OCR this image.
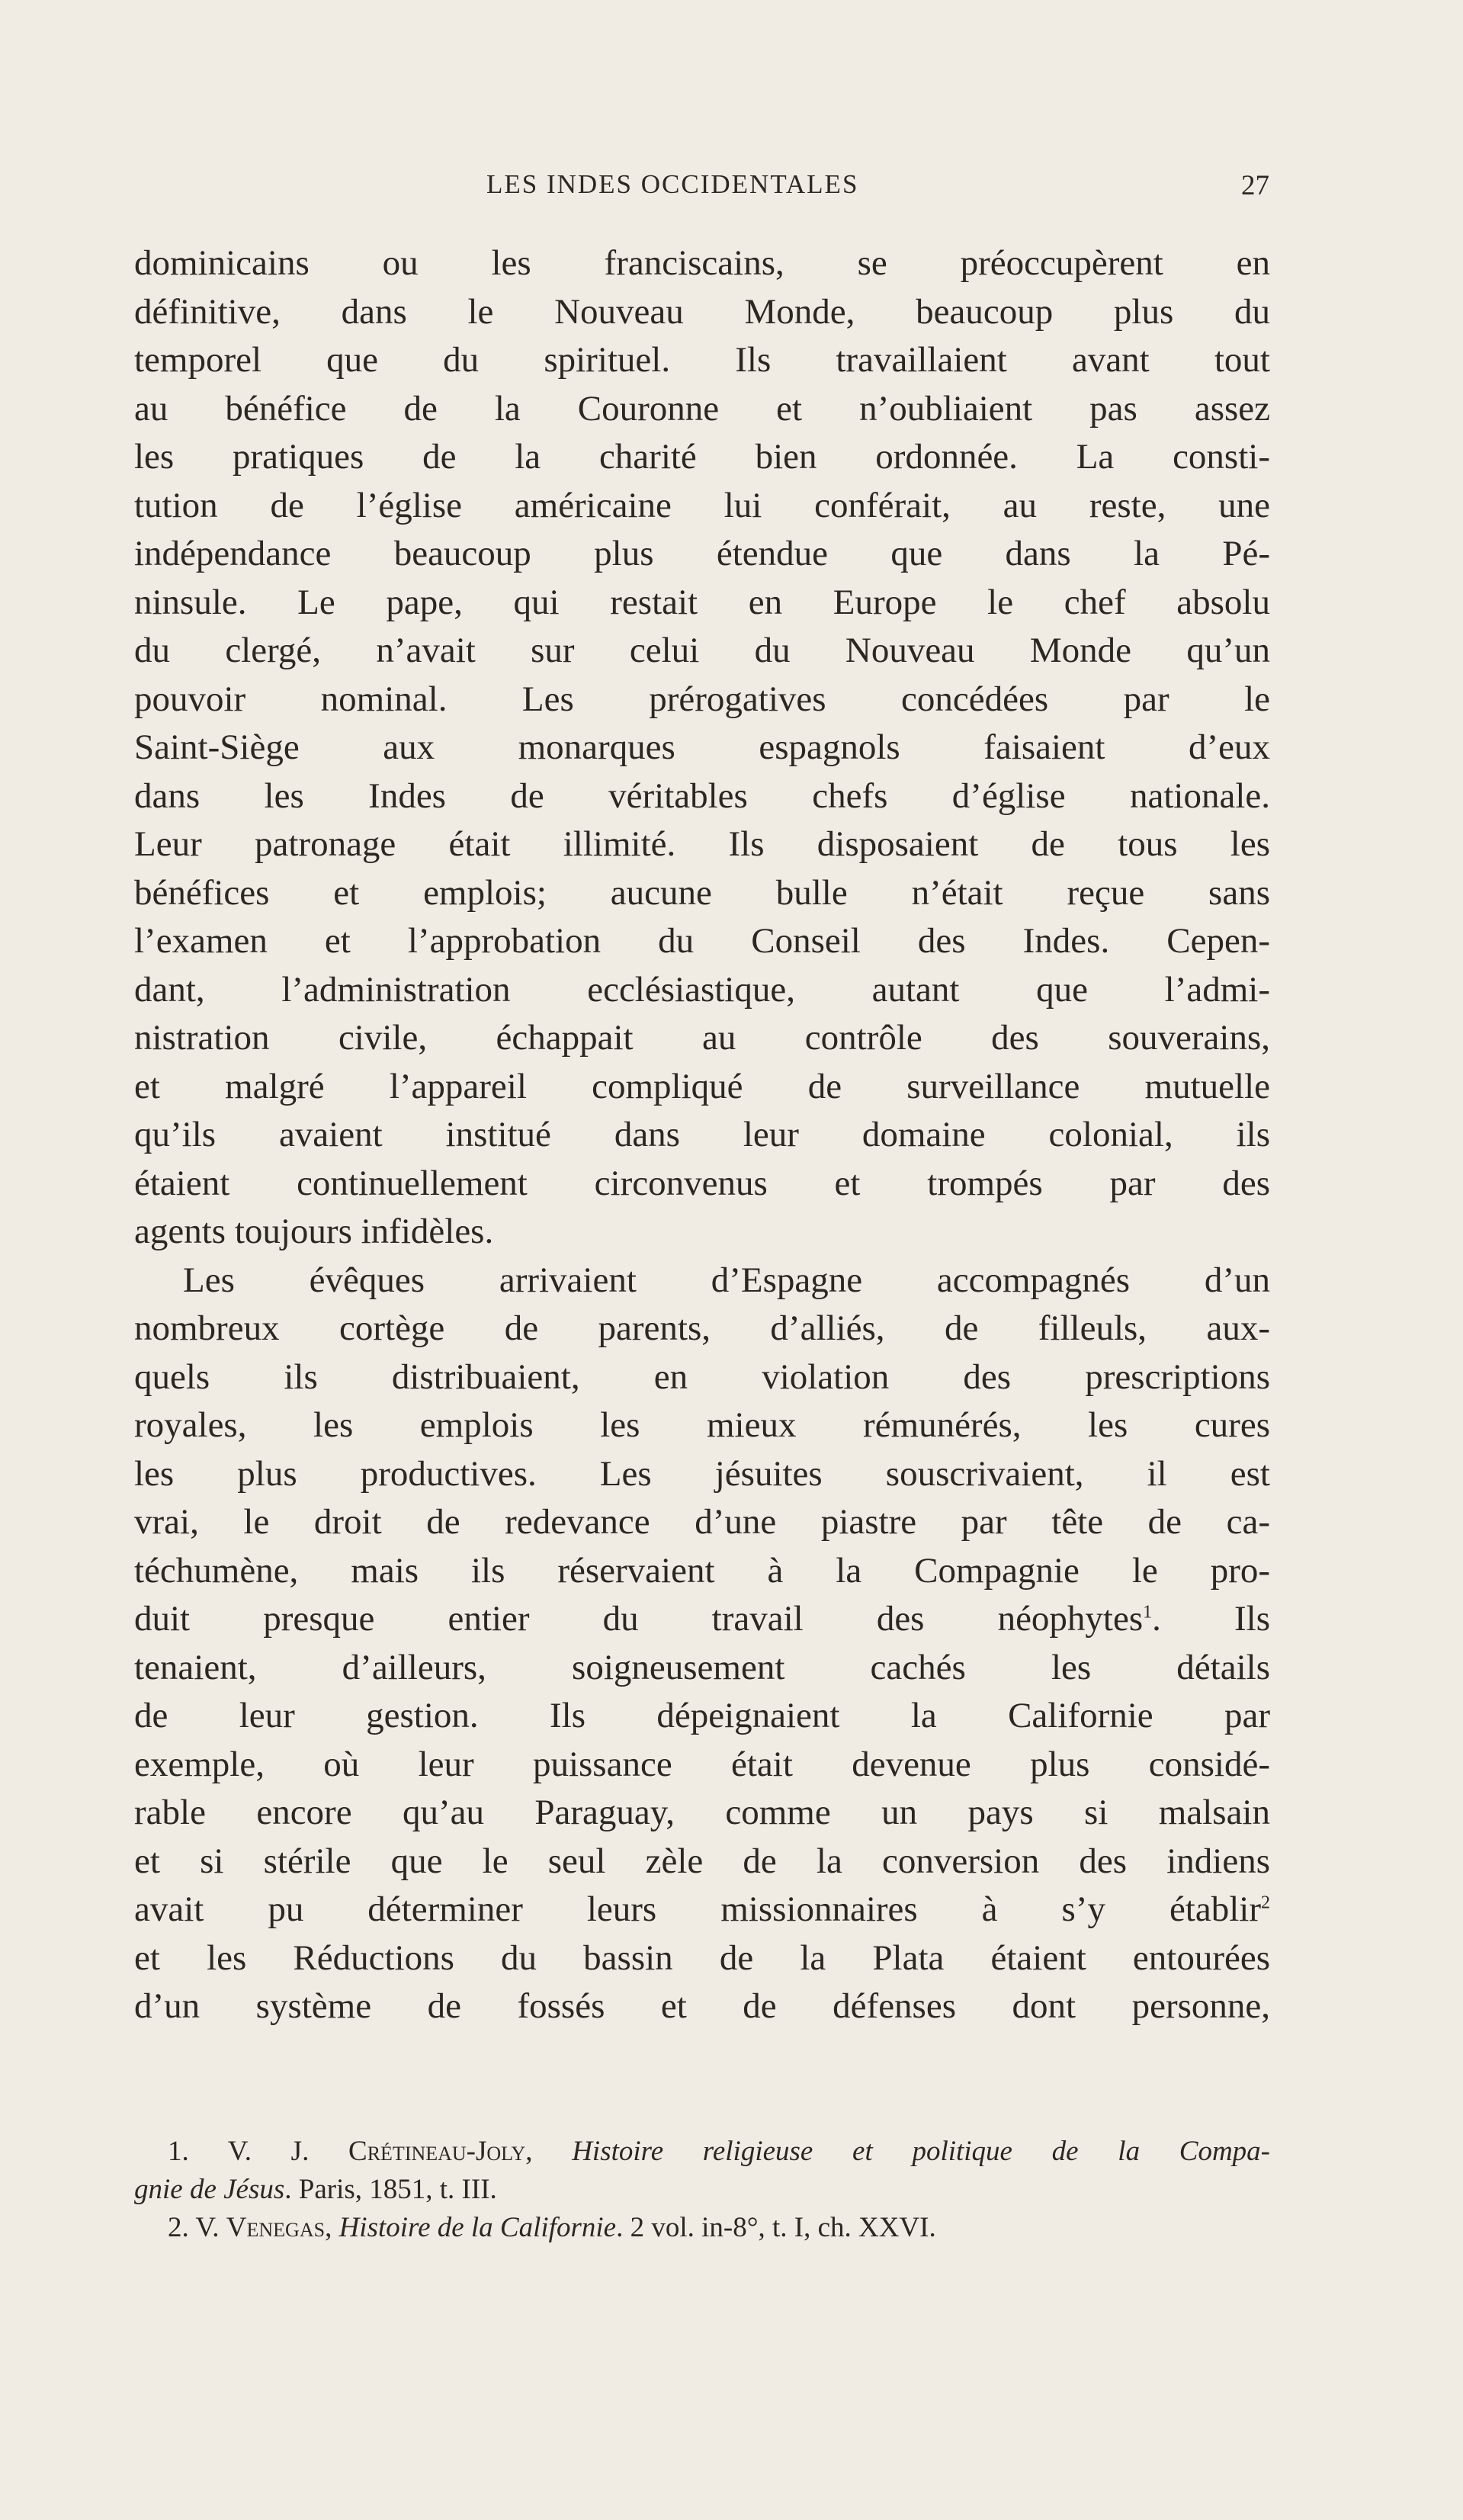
LES INDES OCCIDENTALES	27
dominicains ou les franciscains, se préoccupèrent en
définitive, dans le Nouveau Monde, beaucoup plus du
temporel que du spirituel. Ils travaillaient avant tout
au bénéfice de la Couronne et n’oubliaient pas assez
les pratiques de la charité bien ordonnée. La consti-
tution de l’église américaine lui conférait, au reste, une
indépendance beaucoup plus étendue que dans la Pé-
ninsule. Le pape, qui restait en Europe le chef absolu
du clergé, n’avait sur celui du Nouveau Monde qu’un
pouvoir nominal. Les prérogatives concédées par le
Saint-Siège aux monarques espagnols faisaient d’eux
dans les Indes de véritables chefs d’église nationale.
Leur patronage était illimité. Ils disposaient de tous les
bénéfices et emplois; aucune bulle n’était reçue sans
l’examen et l’approbation du Conseil des Indes. Cepen-
dant, l’administration ecclésiastique, autant que l’admi-
nistration civile, échappait au contrôle des souverains,
et malgré l’appareil compliqué de surveillance mutuelle
qu’ils avaient institué dans leur domaine colonial, ils
étaient continuellement circonvenus et trompés par des
agents toujours infidèles.
Les évêques arrivaient d’Espagne accompagnés d’un
nombreux cortège de parents, d’alliés, de filleuls, aux-
quels ils distribuaient, en violation des prescriptions
royales, les emplois les mieux rémunérés, les cures
les plus productives. Les jésuites souscrivaient, il est
vrai, le droit de redevance d’une piastre par tête de ca-
téchumène, mais ils réservaient à la Compagnie le pro-
duit presque entier du travail des néophytes$^1$. Ils
tenaient, d’ailleurs, soigneusement cachés les détails
de leur gestion. Ils dépeignaient la Californie par
exemple, où leur puissance était devenue plus considé-
rable encore qu’au Paraguay, comme un pays si malsain
et si stérile que le seul zèle de la conversion des indiens
avait pu déterminer leurs missionnaires à s’y établir$^2$
et les Réductions du bassin de la Plata étaient entourées
d’un système de fossés et de défenses dont personne,
1. V. J. Crétineau-Joly, Histoire religieuse et politique de la Compa-
gnie de Jésus. Paris, 1851, t. III.
2. V. Venegas, Histoire de la Californie. 2 vol. in-8°, t. I, ch. XXVI.
